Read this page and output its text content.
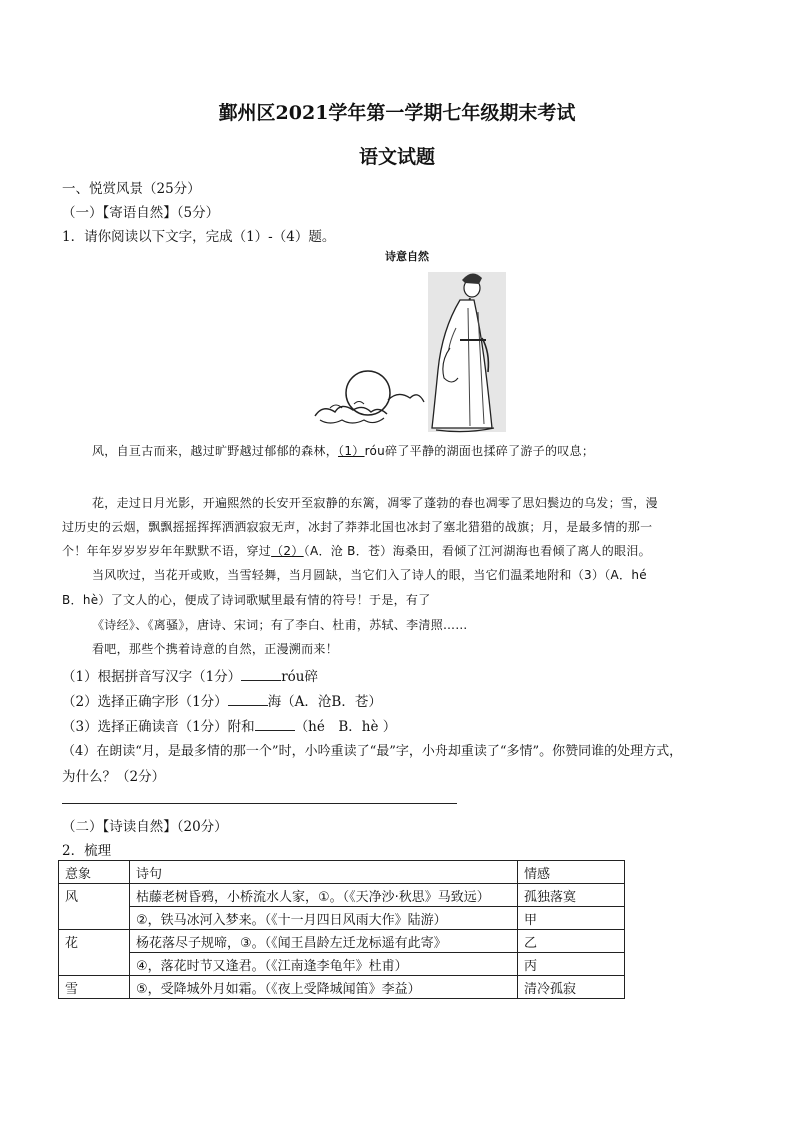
鄞州区2021学年第一学期七年级期末考试
语文试题
一、悦赏风景（25分）
（一）【寄语自然】（5分）
1．请你阅读以下文字，完成（1）-（4）题。
诗意自然
风，自亘古而来，越过旷野越过郁郁的森林，（1）róu碎了平静的湖面也揉碎了游子的叹息；
花，走过日月光影，开遍熙然的长安开至寂静的东篱，凋零了蓬勃的春也凋零了思妇鬓边的乌发；雪，漫
过历史的云烟，飘飘摇摇挥挥洒洒寂寂无声，冰封了莽莽北国也冰封了塞北猎猎的战旗；月，是最多情的那一
个！年年岁岁岁岁年年默默不语，穿过（2）（A．沧 B．苍）海桑田，看倾了江河湖海也看倾了离人的眼泪。
当风吹过，当花开或败，当雪轻舞，当月圆缺，当它们入了诗人的眼，当它们温柔地附和（3）（A．hé
B．hè）了文人的心，便成了诗词歌赋里最有情的符号！于是，有了
《诗经》、《离骚》，唐诗、宋词；有了李白、杜甫，苏轼、李清照……
看吧，那些个携着诗意的自然，正漫溯而来！
（1）根据拼音写汉字（1分）	róu碎
（2）选择正确字形（1分）	海（A．沧B．苍）
（3）选择正确读音（1分）附和	（hé　B．hè ）
（4）在朗读“月，是最多情的那一个”时，小吟重读了“最”字，小舟却重读了“多情”。你赞同谁的处理方式，
为什么？（2分）
（二）【诗读自然】（20分）
2．梳理
意象	诗句	情感
风	枯藤老树昏鸦，小桥流水人家，①。（《天净沙·秋思》马致远）	孤独落寞
	②，铁马冰河入梦来。（《十一月四日风雨大作》陆游）	甲
花	杨花落尽子规啼，③。（《闻王昌龄左迁龙标遥有此寄》	乙
	④，落花时节又逢君。（《江南逢李龟年》杜甫）	丙
雪	⑤，受降城外月如霜。（《夜上受降城闻笛》李益）	清冷孤寂
